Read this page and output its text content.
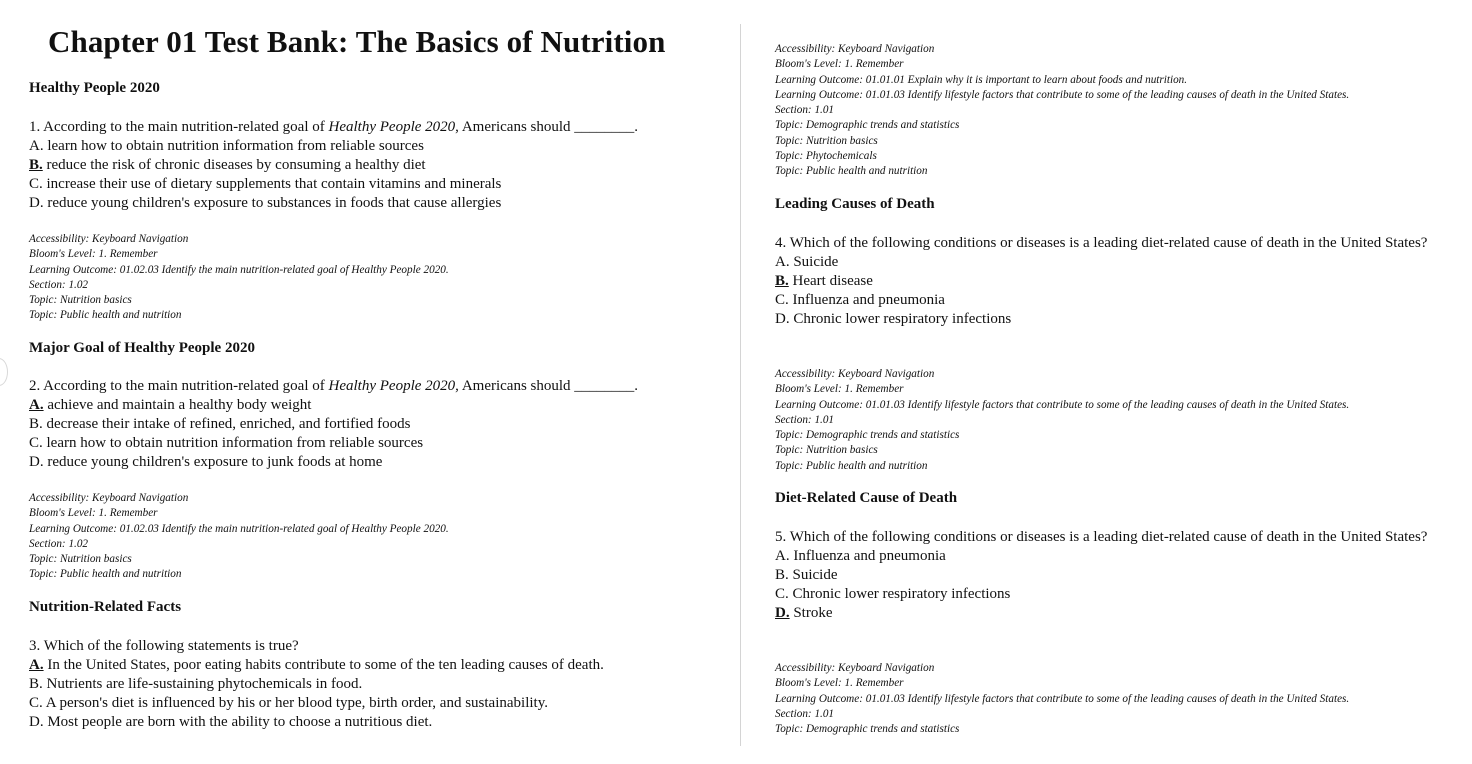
Chapter 01 Test Bank: The Basics of Nutrition
Healthy People 2020
1. According to the main nutrition-related goal of Healthy People 2020, Americans should ________.
A. learn how to obtain nutrition information from reliable sources
B. reduce the risk of chronic diseases by consuming a healthy diet
C. increase their use of dietary supplements that contain vitamins and minerals
D. reduce young children's exposure to substances in foods that cause allergies
Accessibility: Keyboard Navigation
Bloom's Level: 1. Remember
Learning Outcome: 01.02.03 Identify the main nutrition-related goal of Healthy People 2020.
Section: 1.02
Topic: Nutrition basics
Topic: Public health and nutrition
Major Goal of Healthy People 2020
2. According to the main nutrition-related goal of Healthy People 2020, Americans should ________.
A. achieve and maintain a healthy body weight
B. decrease their intake of refined, enriched, and fortified foods
C. learn how to obtain nutrition information from reliable sources
D. reduce young children's exposure to junk foods at home
Accessibility: Keyboard Navigation
Bloom's Level: 1. Remember
Learning Outcome: 01.02.03 Identify the main nutrition-related goal of Healthy People 2020.
Section: 1.02
Topic: Nutrition basics
Topic: Public health and nutrition
Nutrition-Related Facts
3. Which of the following statements is true?
A. In the United States, poor eating habits contribute to some of the ten leading causes of death.
B. Nutrients are life-sustaining phytochemicals in food.
C. A person's diet is influenced by his or her blood type, birth order, and sustainability.
D. Most people are born with the ability to choose a nutritious diet.
Accessibility: Keyboard Navigation
Bloom's Level: 1. Remember
Learning Outcome: 01.01.01 Explain why it is important to learn about foods and nutrition.
Learning Outcome: 01.01.03 Identify lifestyle factors that contribute to some of the leading causes of death in the United States.
Section: 1.01
Topic: Demographic trends and statistics
Topic: Nutrition basics
Topic: Phytochemicals
Topic: Public health and nutrition
Leading Causes of Death
4. Which of the following conditions or diseases is a leading diet-related cause of death in the United States?
A. Suicide
B. Heart disease
C. Influenza and pneumonia
D. Chronic lower respiratory infections
Accessibility: Keyboard Navigation
Bloom's Level: 1. Remember
Learning Outcome: 01.01.03 Identify lifestyle factors that contribute to some of the leading causes of death in the United States.
Section: 1.01
Topic: Demographic trends and statistics
Topic: Nutrition basics
Topic: Public health and nutrition
Diet-Related Cause of Death
5. Which of the following conditions or diseases is a leading diet-related cause of death in the United States?
A. Influenza and pneumonia
B. Suicide
C. Chronic lower respiratory infections
D. Stroke
Accessibility: Keyboard Navigation
Bloom's Level: 1. Remember
Learning Outcome: 01.01.03 Identify lifestyle factors that contribute to some of the leading causes of death in the United States.
Section: 1.01
Topic: Demographic trends and statistics
